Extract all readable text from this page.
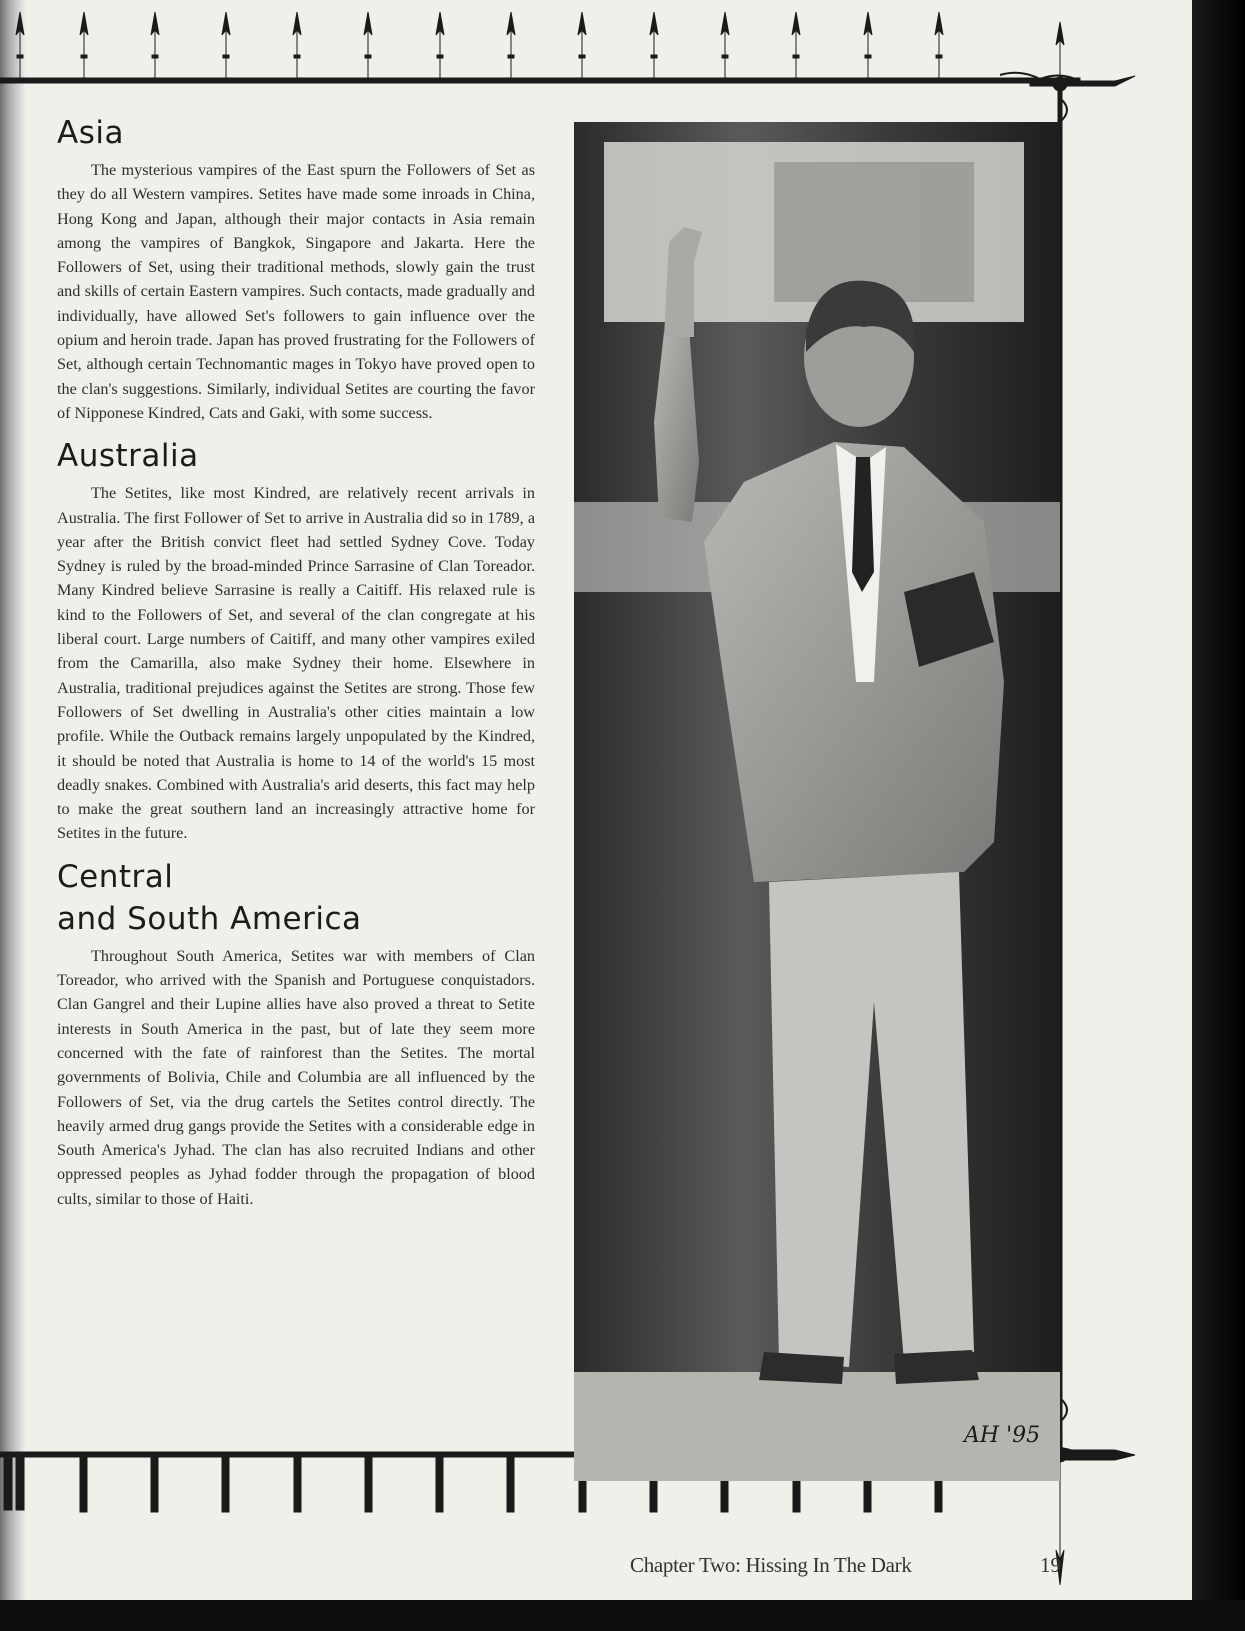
Asia

The mysterious vampires of the East spurn the Followers of Set as they do all Western vampires. Setites have made some inroads in China, Hong Kong and Japan, although their major contacts in Asia remain among the vampires of Bangkok, Singapore and Jakarta. Here the Followers of Set, using their traditional methods, slowly gain the trust and skills of certain Eastern vampires. Such contacts, made gradually and individually, have allowed Set's followers to gain influence over the opium and heroin trade. Japan has proved frustrating for the Followers of Set, although certain Technomantic mages in Tokyo have proved open to the clan's suggestions. Similarly, individual Setites are courting the favor of Nipponese Kindred, Cats and Gaki, with some success.

Australia

The Setites, like most Kindred, are relatively recent arrivals in Australia. The first Follower of Set to arrive in Australia did so in 1789, a year after the British convict fleet had settled Sydney Cove. Today Sydney is ruled by the broad-minded Prince Sarrasine of Clan Toreador. Many Kindred believe Sarrasine is really a Caitiff. His relaxed rule is kind to the Followers of Set, and several of the clan congregate at his liberal court. Large numbers of Caitiff, and many other vampires exiled from the Camarilla, also make Sydney their home. Elsewhere in Australia, traditional prejudices against the Setites are strong. Those few Followers of Set dwelling in Australia's other cities maintain a low profile. While the Outback remains largely unpopulated by the Kindred, it should be noted that Australia is home to 14 of the world's 15 most deadly snakes. Combined with Australia's arid deserts, this fact may help to make the great southern land an increasingly attractive home for Setites in the future.

Central
and South America

Throughout South America, Setites war with members of Clan Toreador, who arrived with the Spanish and Portuguese conquistadors. Clan Gangrel and their Lupine allies have also proved a threat to Setite interests in South America in the past, but of late they seem more concerned with the fate of rainforest than the Setites. The mortal governments of Bolivia, Chile and Columbia are all influenced by the Followers of Set, via the drug cartels the Setites control directly. The heavily armed drug gangs provide the Setites with a considerable edge in South America's Jyhad. The clan has also recruited Indians and other oppressed peoples as Jyhad fodder through the propagation of blood cults, similar to those of Haiti.

AH '95
Chapter Two: Hissing In The Dark	19
